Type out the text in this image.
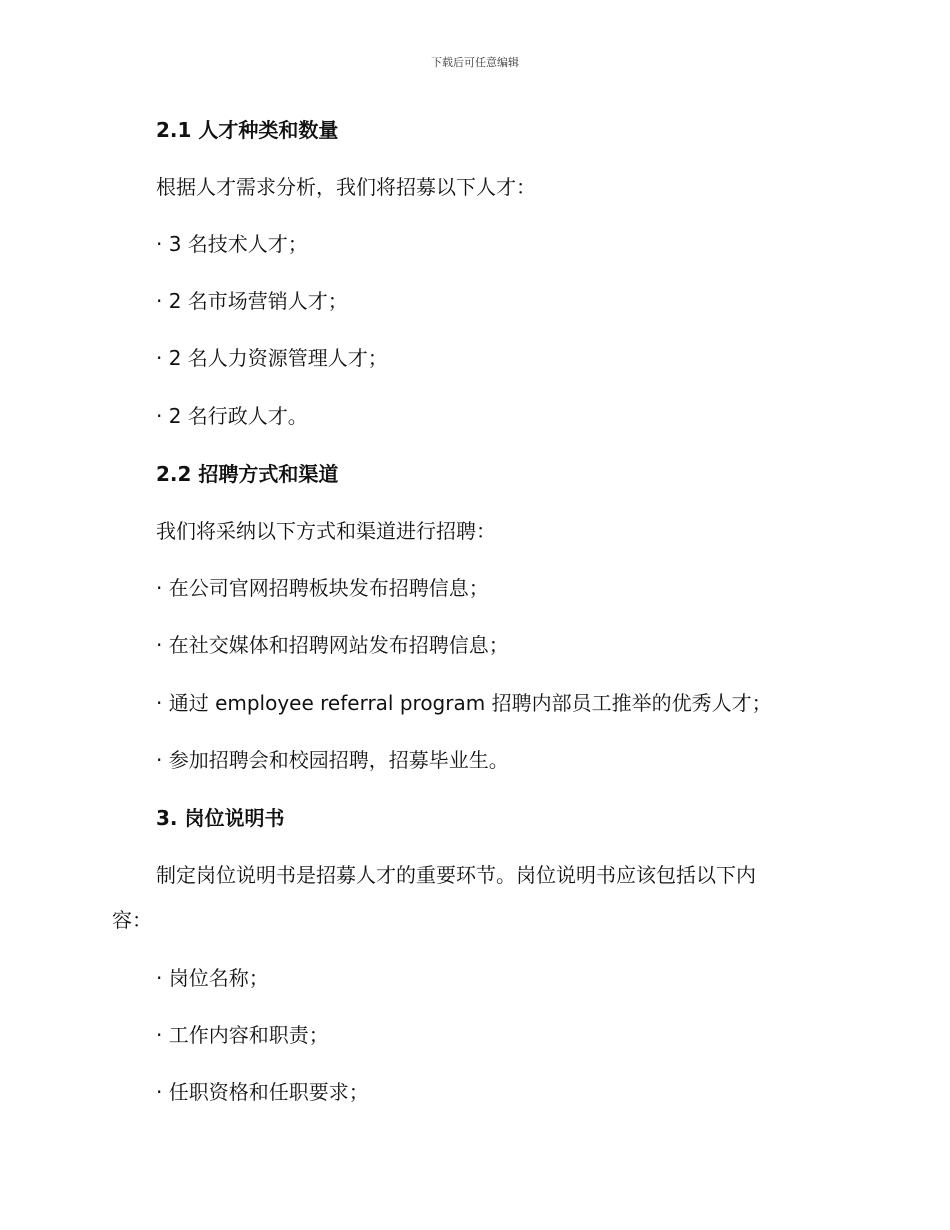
下载后可任意编辑
2.1 人才种类和数量
根据人才需求分析，我们将招募以下人才：
· 3 名技术人才；
· 2 名市场营销人才；
· 2 名人力资源管理人才；
· 2 名行政人才。
2.2 招聘方式和渠道
我们将采纳以下方式和渠道进行招聘：
· 在公司官网招聘板块发布招聘信息；
· 在社交媒体和招聘网站发布招聘信息；
· 通过 employee referral program 招聘内部员工推举的优秀人才；
· 参加招聘会和校园招聘，招募毕业生。
3. 岗位说明书
制定岗位说明书是招募人才的重要环节。岗位说明书应该包括以下内
容：
· 岗位名称；
· 工作内容和职责；
· 任职资格和任职要求；
